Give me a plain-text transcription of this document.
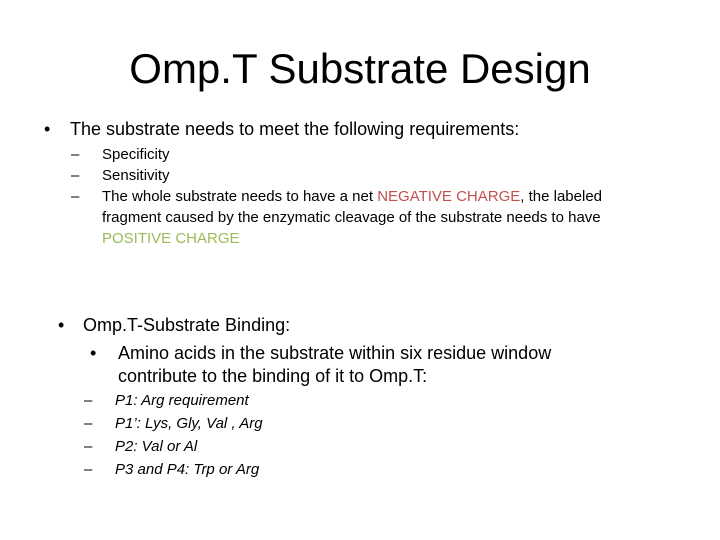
Omp.T Substrate Design
•	The substrate needs to meet the following requirements:
–	Specificity
–	Sensitivity
–	The whole substrate needs to have a net NEGATIVE CHARGE, the labeled
fragment caused by the enzymatic cleavage of the substrate needs to have
POSITIVE CHARGE
•	Omp.T-Substrate Binding:
•	Amino acids in the substrate within six residue window
contribute to the binding of it to Omp.T:
–	P1: Arg requirement
–	P1’: Lys, Gly, Val , Arg
–	P2: Val or Al
–	P3 and P4: Trp or Arg
